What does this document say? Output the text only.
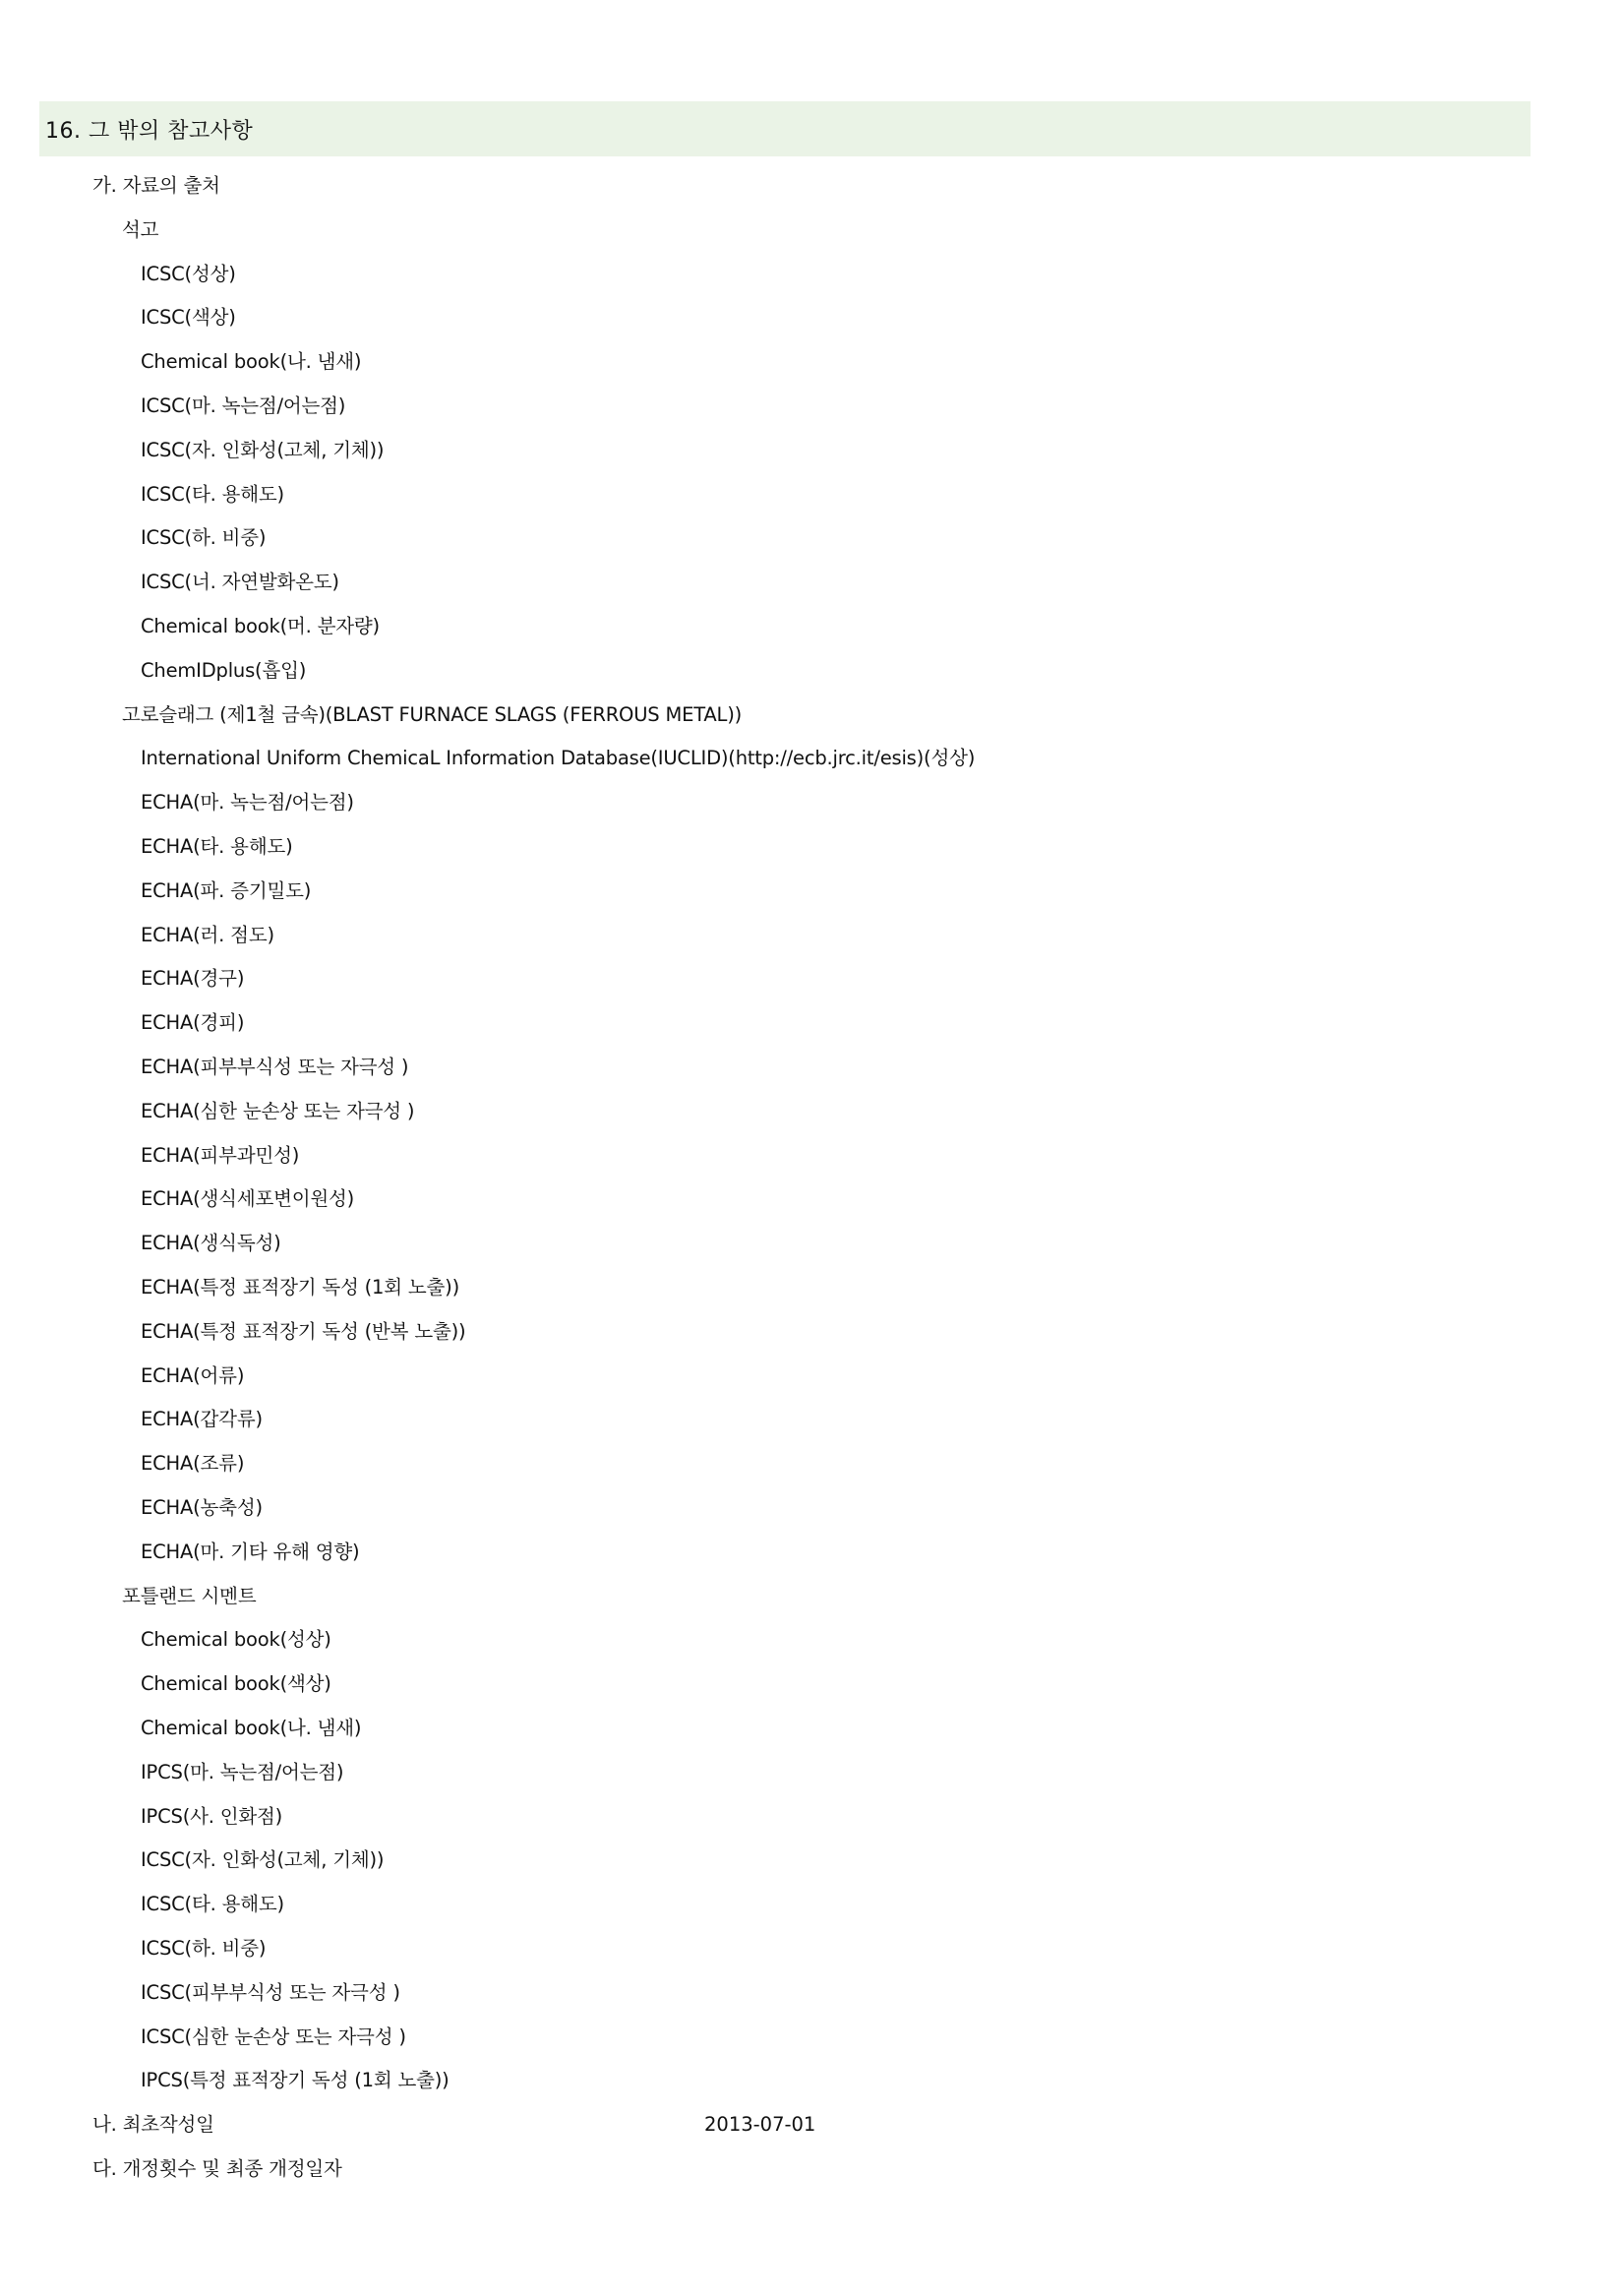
16. 그 밖의 참고사항
가. 자료의 출처
석고
ICSC(성상)
ICSC(색상)
Chemical book(나. 냄새)
ICSC(마. 녹는점/어는점)
ICSC(자. 인화성(고체, 기체))
ICSC(타. 용해도)
ICSC(하. 비중)
ICSC(너. 자연발화온도)
Chemical book(머. 분자량)
ChemIDplus(흡입)
고로슬래그 (제1철 금속)(BLAST FURNACE SLAGS (FERROUS METAL))
International Uniform ChemicaL Information Database(IUCLID)(http://ecb.jrc.it/esis)(성상)
ECHA(마. 녹는점/어는점)
ECHA(타. 용해도)
ECHA(파. 증기밀도)
ECHA(러. 점도)
ECHA(경구)
ECHA(경피)
ECHA(피부부식성 또는 자극성 )
ECHA(심한 눈손상 또는 자극성 )
ECHA(피부과민성)
ECHA(생식세포변이원성)
ECHA(생식독성)
ECHA(특정 표적장기 독성 (1회 노출))
ECHA(특정 표적장기 독성 (반복 노출))
ECHA(어류)
ECHA(갑각류)
ECHA(조류)
ECHA(농축성)
ECHA(마. 기타 유해 영향)
포틀랜드 시멘트
Chemical book(성상)
Chemical book(색상)
Chemical book(나. 냄새)
IPCS(마. 녹는점/어는점)
IPCS(사. 인화점)
ICSC(자. 인화성(고체, 기체))
ICSC(타. 용해도)
ICSC(하. 비중)
ICSC(피부부식성 또는 자극성 )
ICSC(심한 눈손상 또는 자극성 )
IPCS(특정 표적장기 독성 (1회 노출))
나. 최초작성일	2013-07-01
다. 개정횟수 및 최종 개정일자
